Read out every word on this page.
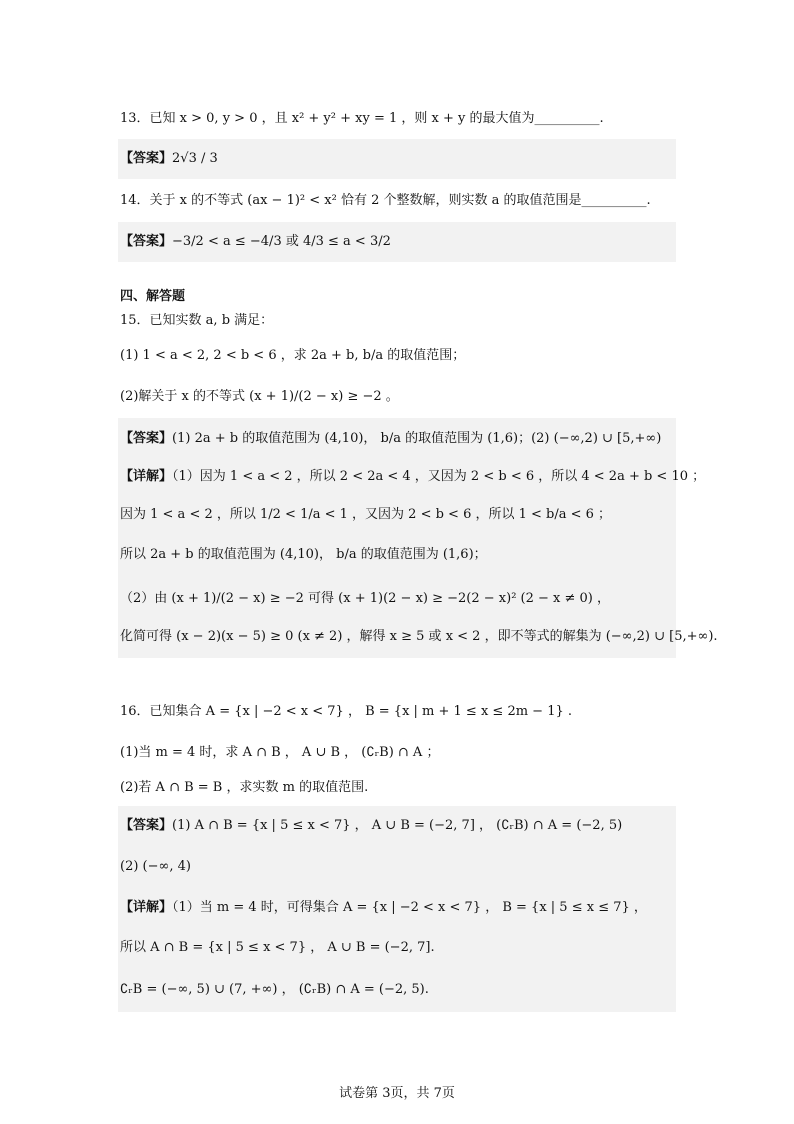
13．已知 x > 0, y > 0 ，且 x² + y² + xy = 1 ，则 x + y 的最大值为__________.
【答案】2√3 / 3
14．关于 x 的不等式 (ax − 1)² < x² 恰有 2 个整数解，则实数 a 的取值范围是__________.
【答案】−3/2 < a ≤ −4/3 或 4/3 ≤ a < 3/2
四、解答题
15．已知实数 a, b 满足：
(1) 1 < a < 2, 2 < b < 6 ，求 2a + b, b/a 的取值范围；
(2)解关于 x 的不等式 (x + 1)/(2 − x) ≥ −2 。
【答案】(1) 2a + b 的取值范围为 (4,10)， b/a 的取值范围为 (1,6)；(2) (−∞,2) ∪ [5,+∞)
【详解】（1）因为 1 < a < 2 ，所以 2 < 2a < 4 ，又因为 2 < b < 6 ，所以 4 < 2a + b < 10 ；
因为 1 < a < 2 ，所以 1/2 < 1/a < 1 ，又因为 2 < b < 6 ，所以 1 < b/a < 6 ；
所以 2a + b 的取值范围为 (4,10)， b/a 的取值范围为 (1,6)；
（2）由 (x + 1)/(2 − x) ≥ −2 可得 (x + 1)(2 − x) ≥ −2(2 − x)² (2 − x ≠ 0) ，
化简可得 (x − 2)(x − 5) ≥ 0 (x ≠ 2) ，解得 x ≥ 5 或 x < 2 ，即不等式的解集为 (−∞,2) ∪ [5,+∞).
16．已知集合 A = {x | −2 < x < 7} ， B = {x | m + 1 ≤ x ≤ 2m − 1} .
(1)当 m = 4 时，求 A ∩ B ， A ∪ B ， (∁ᵣB) ∩ A ；
(2)若 A ∩ B = B ，求实数 m 的取值范围.
【答案】(1) A ∩ B = {x | 5 ≤ x < 7} ， A ∪ B = (−2, 7] ， (∁ᵣB) ∩ A = (−2, 5)
(2) (−∞, 4)
【详解】（1）当 m = 4 时，可得集合 A = {x | −2 < x < 7} ， B = {x | 5 ≤ x ≤ 7} ，
所以 A ∩ B = {x | 5 ≤ x < 7} ， A ∪ B = (−2, 7].
∁ᵣB = (−∞, 5) ∪ (7, +∞) ， (∁ᵣB) ∩ A = (−2, 5).
试卷第 3页，共 7页
